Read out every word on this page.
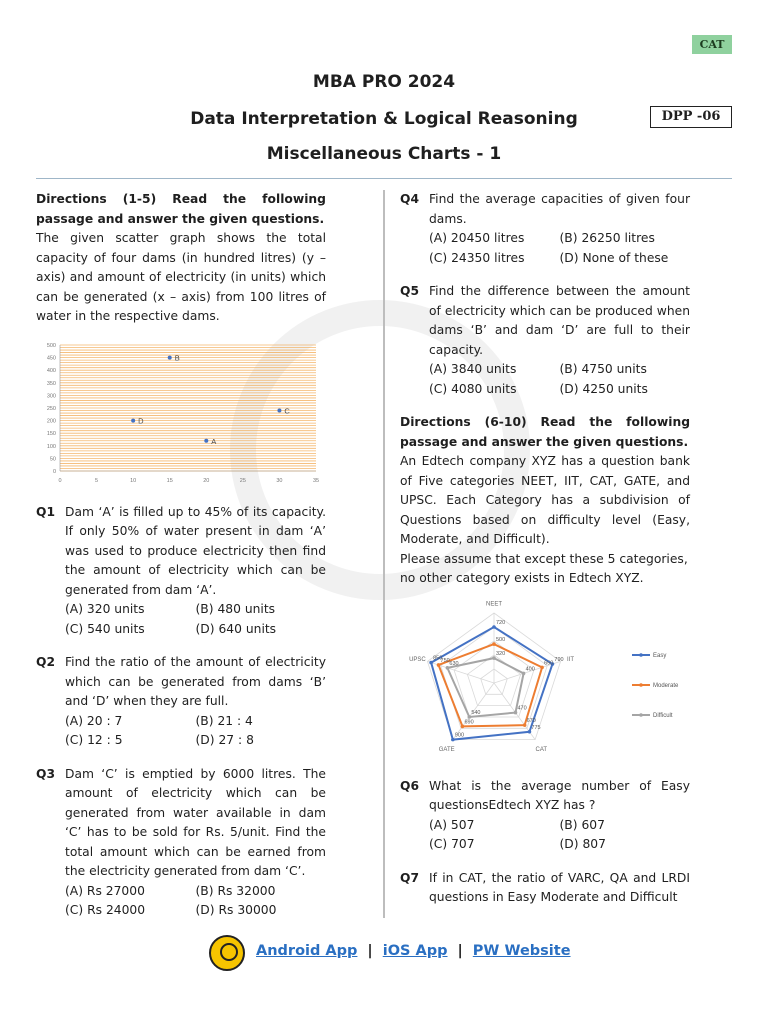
CAT
MBA PRO 2024
Data Interpretation & Logical Reasoning	DPP -06
Miscellaneous Charts - 1

Directions (1-5) Read the following passage and answer the given questions.

The given scatter graph shows the total capacity of four dams (in hundred litres) (y – axis) and amount of electricity (in units) which can be generated (x – axis) from 100 litres of water in the respective dams.

0
50
100
150
200
250
300
350
400
450
500
0	5	10	15	20	25	30	35
A
B
C
D
Q1 Dam ‘A’ is filled up to 45% of its capacity. If only 50% of water present in dam ‘A’ was used to produce electricity then find the amount of electricity which can be generated from dam ‘A’.

(A) 320 units	(B) 480 units
(C) 540 units	(D) 640 units
Q2 Find the ratio of the amount of electricity which can be generated from dams ‘B’ and ‘D’ when they are full.

(A) 20 : 7	(B) 21 : 4
(C) 12 : 5	(D) 27 : 8
Q3 Dam ‘C’ is emptied by 6000 litres. The amount of electricity which can be generated from water available in dam ‘C’ has to be sold for Rs. 5/unit. Find the total amount which can be earned from the electricity generated from dam ‘C’.

(A) Rs 27000	(B) Rs 32000
(C) Rs 24000	(D) Rs 30000
Q4 Find the average capacities of given four dams.

(A) 20450 litres	(B) 26250 litres
(C) 24350 litres	(D) None of these
Q5 Find the difference between the amount of electricity which can be produced when dams ‘B’ and dam ‘D’ are full to their capacity.

(A) 3840 units	(B) 4750 units
(C) 4080 units	(D) 4250 units

Directions (6-10) Read the following passage and answer the given questions.

An Edtech company XYZ has a question bank of Five categories NEET, IIT, CAT, GATE, and UPSC. Each Category has a subdivision of Questions based on difficulty level (Easy, Moderate, and Difficult).

Please assume that except these 5 categories, no other category exists in Edtech XYZ.

NEET
IIT
CAT
GATE
UPSC
720
790
775
900
850
500
650
670
690
750
320
400
470
540
630
Easy
Moderate
Difficult
Q6 What is the average number of Easy questionsEdtech XYZ has ?

(A) 507	(B) 607
(C) 707	(D) 807
Q7 If in CAT, the ratio of VARC, QA and LRDI questions in Easy Moderate and Difficult

Android App | iOS App | PW Website
